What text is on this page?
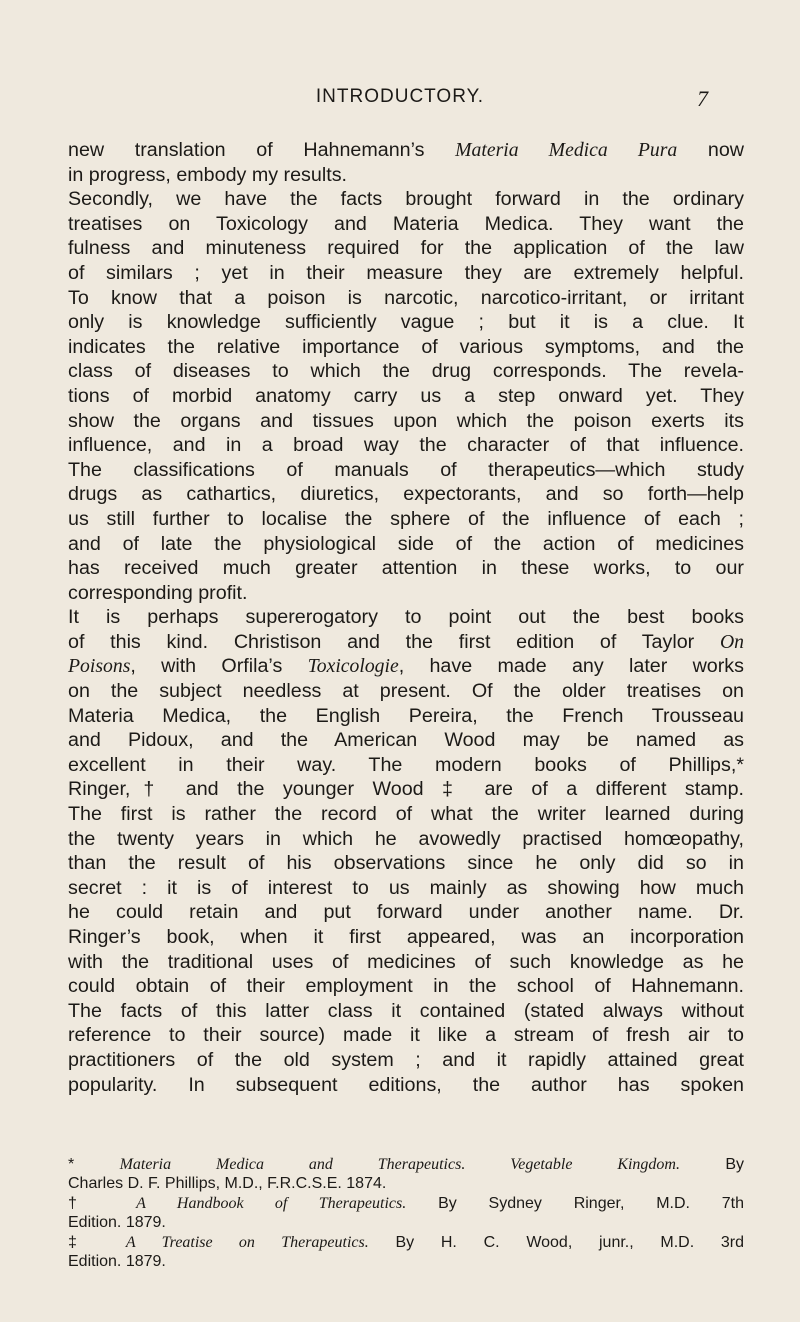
INTRODUCTORY.	7
new translation of Hahnemann’s Materia Medica Pura now
in progress, embody my results.
Secondly, we have the facts brought forward in the ordinary
treatises on Toxicology and Materia Medica. They want the
fulness and minuteness required for the application of the law
of similars ; yet in their measure they are extremely helpful.
To know that a poison is narcotic, narcotico-irritant, or irritant
only is knowledge sufficiently vague ; but it is a clue. It
indicates the relative importance of various symptoms, and the
class of diseases to which the drug corresponds. The revela-
tions of morbid anatomy carry us a step onward yet. They
show the organs and tissues upon which the poison exerts its
influence, and in a broad way the character of that influence.
The classifications of manuals of therapeutics—which study
drugs as cathartics, diuretics, expectorants, and so forth—help
us still further to localise the sphere of the influence of each ;
and of late the physiological side of the action of medicines
has received much greater attention in these works, to our
corresponding profit.
It is perhaps supererogatory to point out the best books
of this kind. Christison and the first edition of Taylor On
Poisons, with Orfila’s Toxicologie, have made any later works
on the subject needless at present. Of the older treatises on
Materia Medica, the English Pereira, the French Trousseau
and Pidoux, and the American Wood may be named as
excellent in their way. The modern books of Phillips,*
Ringer,† and the younger Wood ‡ are of a different stamp.
The first is rather the record of what the writer learned during
the twenty years in which he avowedly practised homœopathy,
than the result of his observations since he only did so in
secret : it is of interest to us mainly as showing how much
he could retain and put forward under another name. Dr.
Ringer’s book, when it first appeared, was an incorporation
with the traditional uses of medicines of such knowledge as he
could obtain of their employment in the school of Hahnemann.
The facts of this latter class it contained (stated always without
reference to their source) made it like a stream of fresh air to
practitioners of the old system ; and it rapidly attained great
popularity. In subsequent editions, the author has spoken
* Materia Medica and Therapeutics. Vegetable Kingdom. By
Charles D. F. Phillips, M.D., F.R.C.S.E. 1874.
† A Handbook of Therapeutics. By Sydney Ringer, M.D. 7th
Edition. 1879.
‡ A Treatise on Therapeutics. By H. C. Wood, junr., M.D. 3rd
Edition. 1879.
